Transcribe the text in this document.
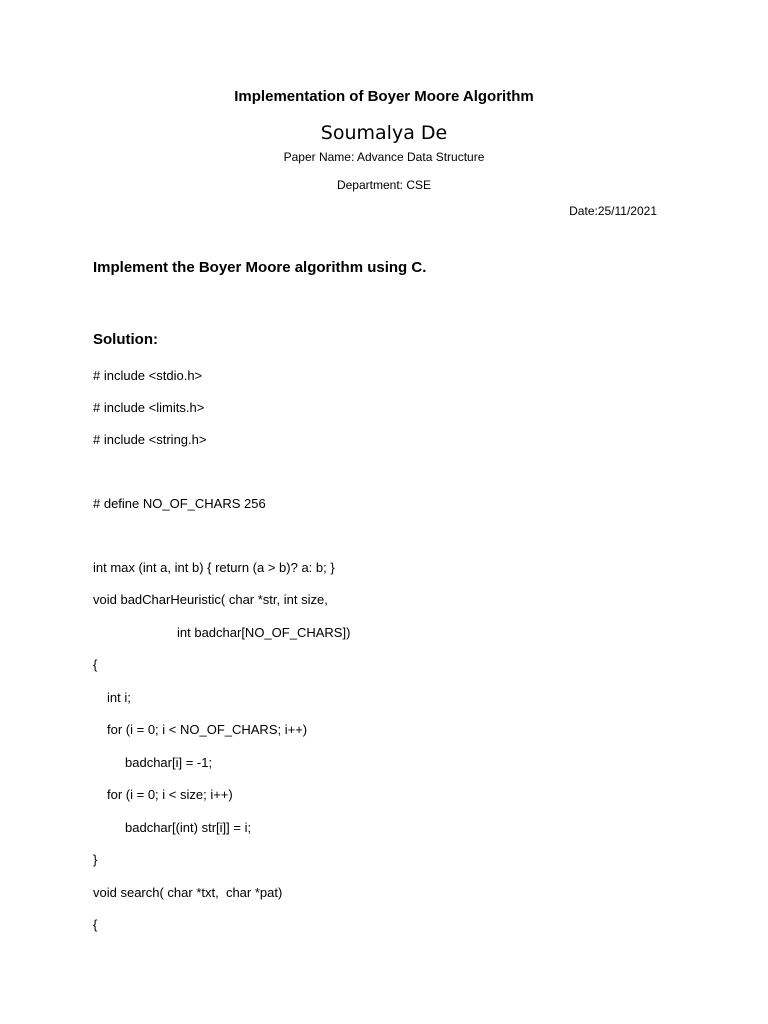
Implementation of Boyer Moore Algorithm
Soumalya De
Paper Name: Advance Data Structure
Department: CSE
Date:25/11/2021
Implement the Boyer Moore algorithm using C.
Solution:
# include <stdio.h>
# include <limits.h>
# include <string.h>
# define NO_OF_CHARS 256
int max (int a, int b) { return (a > b)? a: b; }
void badCharHeuristic( char *str, int size,
int badchar[NO_OF_CHARS])
{
int i;
for (i = 0; i < NO_OF_CHARS; i++)
badchar[i] = -1;
for (i = 0; i < size; i++)
badchar[(int) str[i]] = i;
}
void search( char *txt,  char *pat)
{
